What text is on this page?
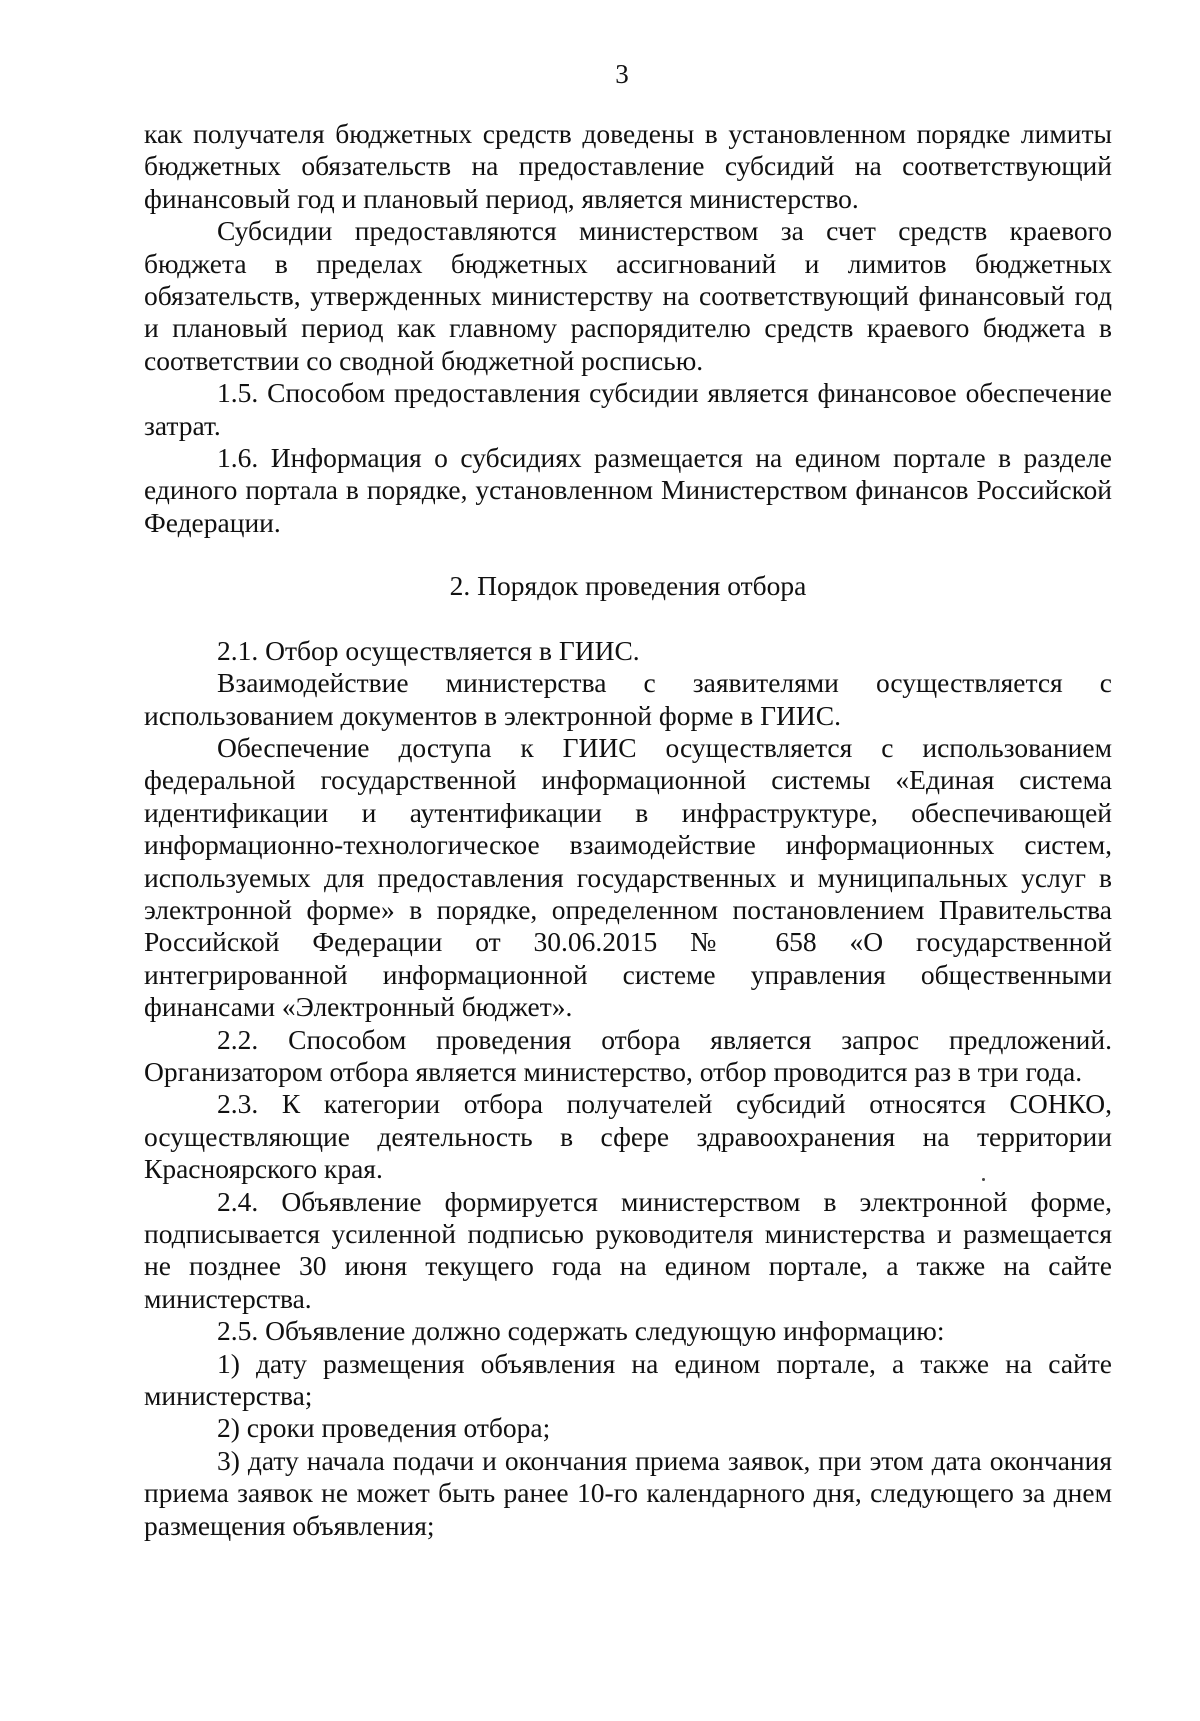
3

как получателя бюджетных средств доведены в установленном порядке лимиты бюджетных обязательств на предоставление субсидий на соответствующий финансовый год и плановый период, является министерство.

Субсидии предоставляются министерством за счет средств краевого бюджета в пределах бюджетных ассигнований и лимитов бюджетных обязательств, утвержденных министерству на соответствующий финансовый год и плановый период как главному распорядителю средств краевого бюджета в соответствии со сводной бюджетной росписью.

1.5. Способом предоставления субсидии является финансовое обеспечение затрат.

1.6. Информация о субсидиях размещается на едином портале в разделе единого портала в порядке, установленном Министерством финансов Российской Федерации.

2. Порядок проведения отбора

2.1. Отбор осуществляется в ГИИС.

Взаимодействие министерства с заявителями осуществляется с использованием документов в электронной форме в ГИИС.

Обеспечение доступа к ГИИС осуществляется с использованием федеральной государственной информационной системы «Единая система идентификации и аутентификации в инфраструктуре, обеспечивающей информационно-технологическое взаимодействие информационных систем, используемых для предоставления государственных и муниципальных услуг в электронной форме» в порядке, определенном постановлением Правительства Российской Федерации от 30.06.2015 № 658 «О государственной интегрированной информационной системе управления общественными финансами «Электронный бюджет».

2.2. Способом проведения отбора является запрос предложений. Организатором отбора является министерство, отбор проводится раз в три года.

2.3. К категории отбора получателей субсидий относятся СОНКО, осуществляющие деятельность в сфере здравоохранения на территории Красноярского края.

2.4. Объявление формируется министерством в электронной форме, подписывается усиленной подписью руководителя министерства и размещается не позднее 30 июня текущего года на едином портале, а также на сайте министерства.

2.5. Объявление должно содержать следующую информацию:

1) дату размещения объявления на едином портале, а также на сайте министерства;

2) сроки проведения отбора;

3) дату начала подачи и окончания приема заявок, при этом дата окончания приема заявок не может быть ранее 10-го календарного дня, следующего за днем размещения объявления;
